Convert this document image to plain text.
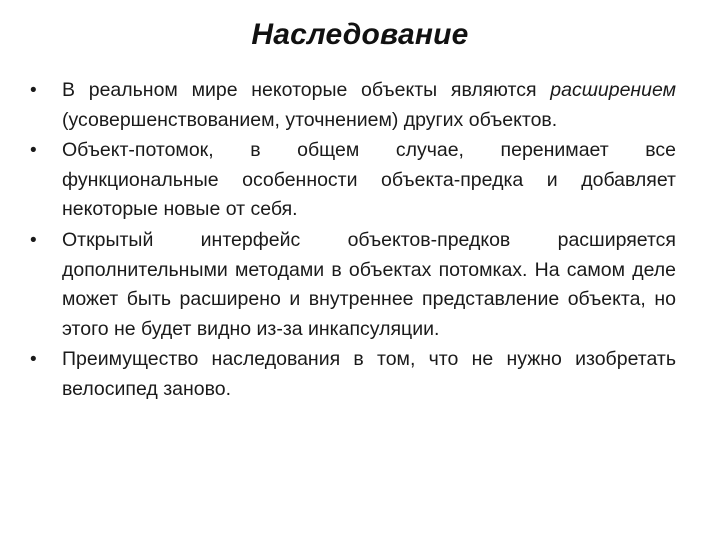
Наследование
•	В реальном мире некоторые объекты являются расширением (усовершенствованием, уточнением) других объектов.
•	Объект-потомок, в общем случае, перенимает все функциональные особенности объекта-предка и добавляет некоторые новые от себя.
•	Открытый интерфейс объектов-предков расширяется дополнительными методами в объектах потомках. На самом деле может быть расширено и внутреннее представление объекта, но этого не будет видно из-за инкапсуляции.
•	Преимущество наследования в том, что не нужно изобретать велосипед заново.
